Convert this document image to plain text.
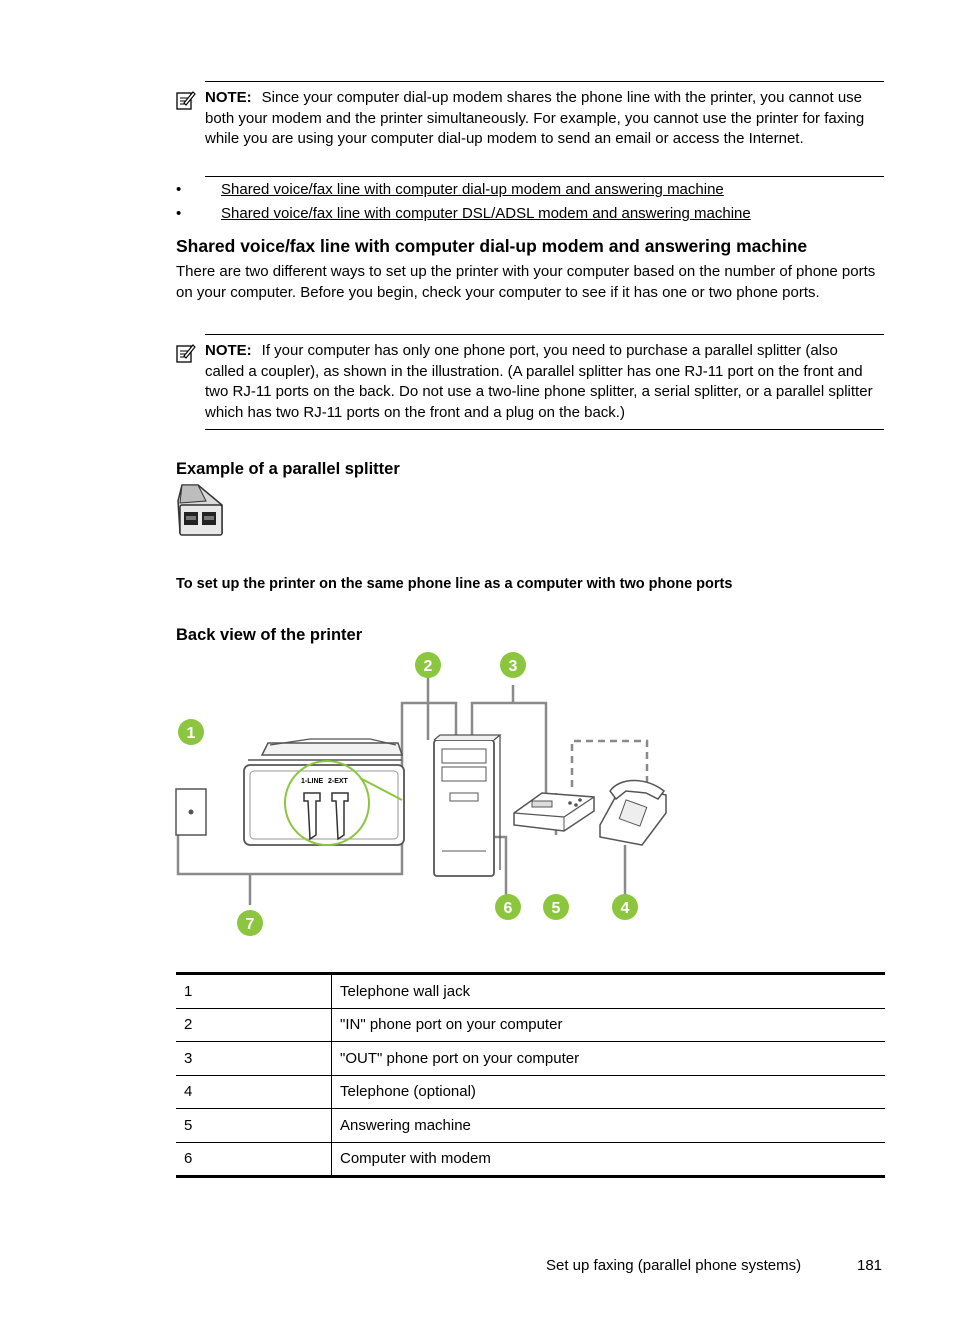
NOTE: Since your computer dial-up modem shares the phone line with the printer, you cannot use both your modem and the printer simultaneously. For example, you cannot use the printer for faxing while you are using your computer dial-up modem to send an email or access the Internet.
•	Shared voice/fax line with computer dial-up modem and answering machine
•	Shared voice/fax line with computer DSL/ADSL modem and answering machine
Shared voice/fax line with computer dial-up modem and answering machine

There are two different ways to set up the printer with your computer based on the number of phone ports on your computer. Before you begin, check your computer to see if it has one or two phone ports.

NOTE: If your computer has only one phone port, you need to purchase a parallel splitter (also called a coupler), as shown in the illustration. (A parallel splitter has one RJ-11 port on the front and two RJ-11 ports on the back. Do not use a two-line phone splitter, a serial splitter, or a parallel splitter which has two RJ-11 ports on the front and a plug on the back.)
Example of a parallel splitter

To set up the printer on the same phone line as a computer with two phone ports

Back view of the printer
1-LINE 2-EXT
1
2	3
4
5
6
7
1	Telephone wall jack
2	"IN" phone port on your computer
3	"OUT" phone port on your computer
4	Telephone (optional)
5	Answering machine
6	Computer with modem
Set up faxing (parallel phone systems)	181
